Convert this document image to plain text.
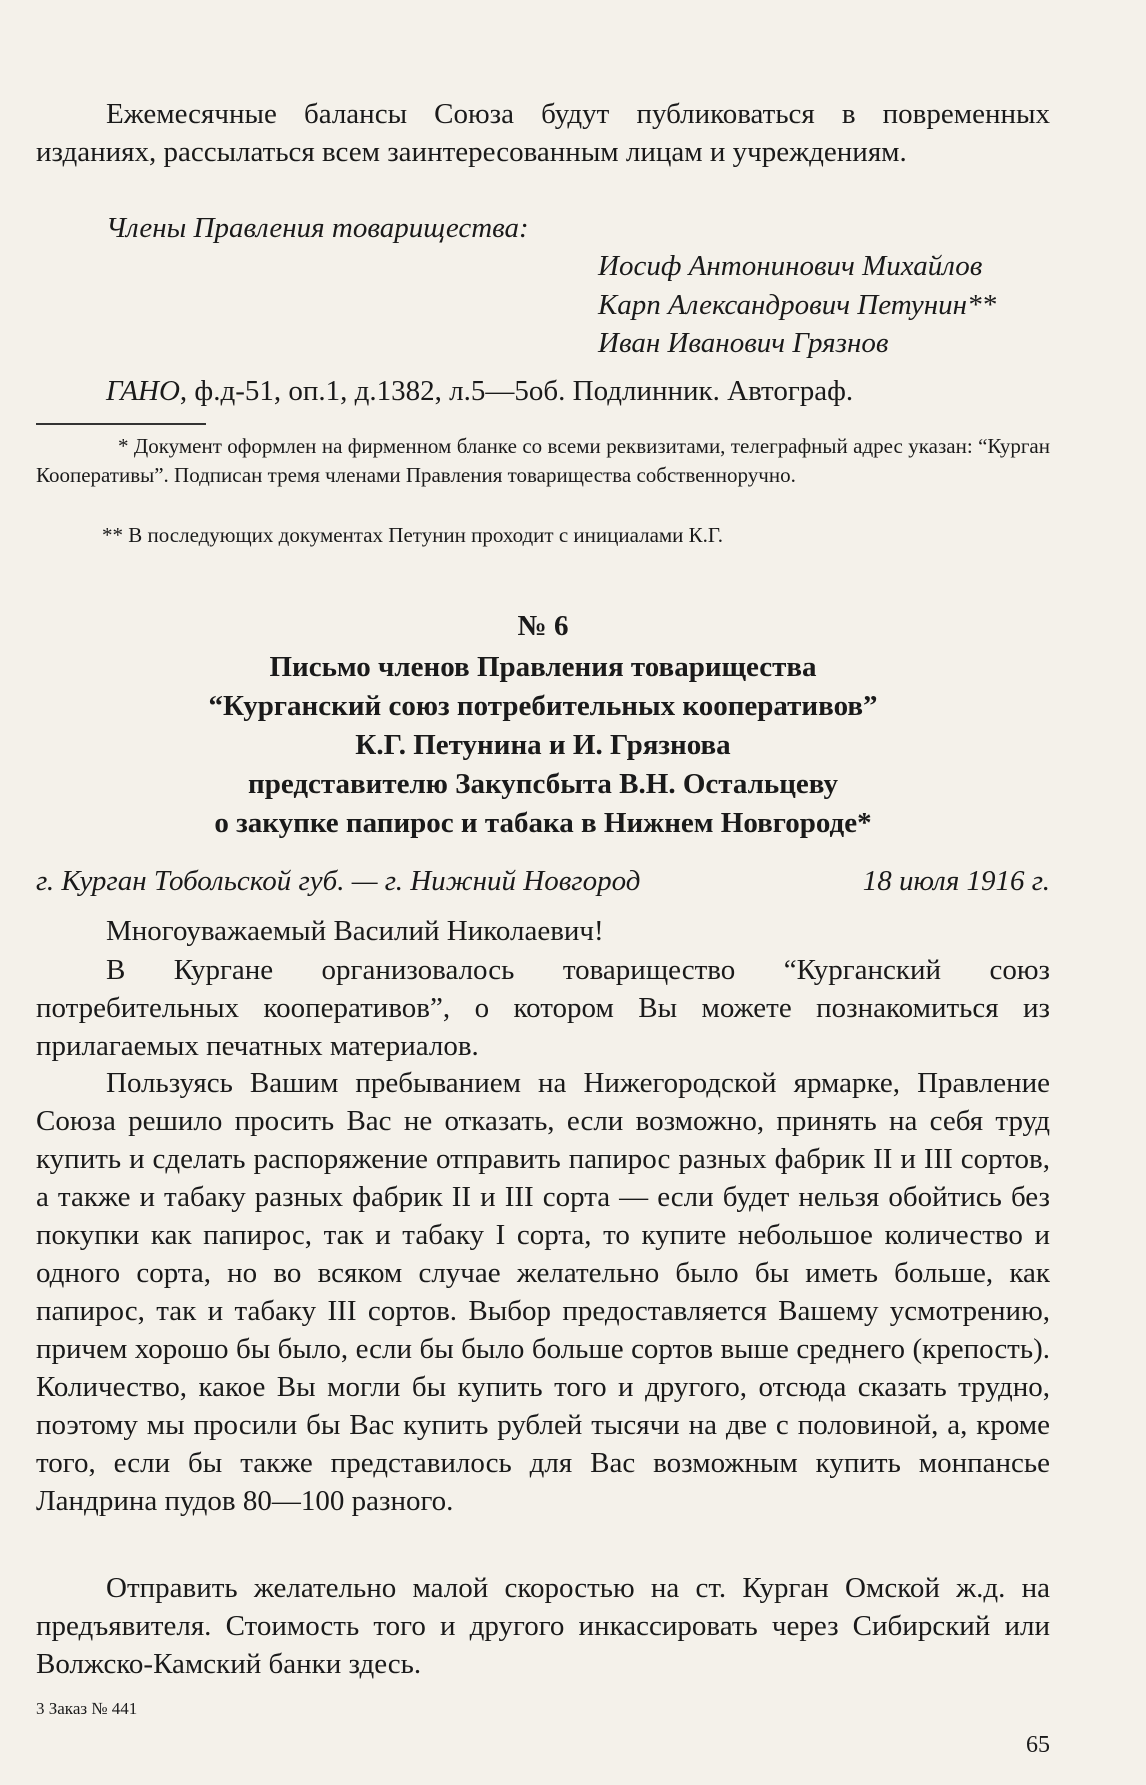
Ежемесячные балансы Союза будут публиковаться в повременных изданиях, рассылаться всем заинтересованным лицам и учреждениям.

Члены Правления товарищества:

Иосиф Антонинович Михайлов

Карп Александрович Петунин**

Иван Иванович Грязнов

ГАНО, ф.д-51, оп.1, д.1382, л.5—5об. Подлинник. Автограф.

* Документ оформлен на фирменном бланке со всеми реквизитами, телеграфный адрес указан: “Курган Кооперативы”. Подписан тремя членами Правления товарищества собственноручно.

** В последующих документах Петунин проходит с инициалами К.Г.

№ 6

Письмо членов Правления товарищества

“Курганский союз потребительных кооперативов”

К.Г. Петунина и И. Грязнова

представителю Закупсбыта В.Н. Остальцеву

о закупке папирос и табака в Нижнем Новгороде*

г. Курган Тобольской губ. — г. Нижний Новгород	18 июля 1916 г.

Многоуважаемый Василий Николаевич!

В Кургане организовалось товарищество “Курганский союз потребительных кооперативов”, о котором Вы можете познакомиться из прилагаемых печатных материалов.

Пользуясь Вашим пребыванием на Нижегородской ярмарке, Правление Союза решило просить Вас не отказать, если возможно, принять на себя труд купить и сделать распоряжение отправить папирос разных фабрик II и III сортов, а также и табаку разных фабрик II и III сорта — если будет нельзя обойтись без покупки как папирос, так и табаку I сорта, то купите небольшое количество и одного сорта, но во всяком случае желательно было бы иметь больше, как папирос, так и табаку III сортов. Выбор предоставляется Вашему усмотрению, причем хорошо бы было, если бы было больше сортов выше среднего (крепость). Количество, какое Вы могли бы купить того и другого, отсюда сказать трудно, поэтому мы просили бы Вас купить рублей тысячи на две с половиной, а, кроме того, если бы также представилось для Вас возможным купить монпансье Ландрина пудов 80—100 разного.

Отправить желательно малой скоростью на ст. Курган Омской ж.д. на предъявителя. Стоимость того и другого инкассировать через Сибирский или Волжско-Камский банки здесь.

3 Заказ № 441

65
